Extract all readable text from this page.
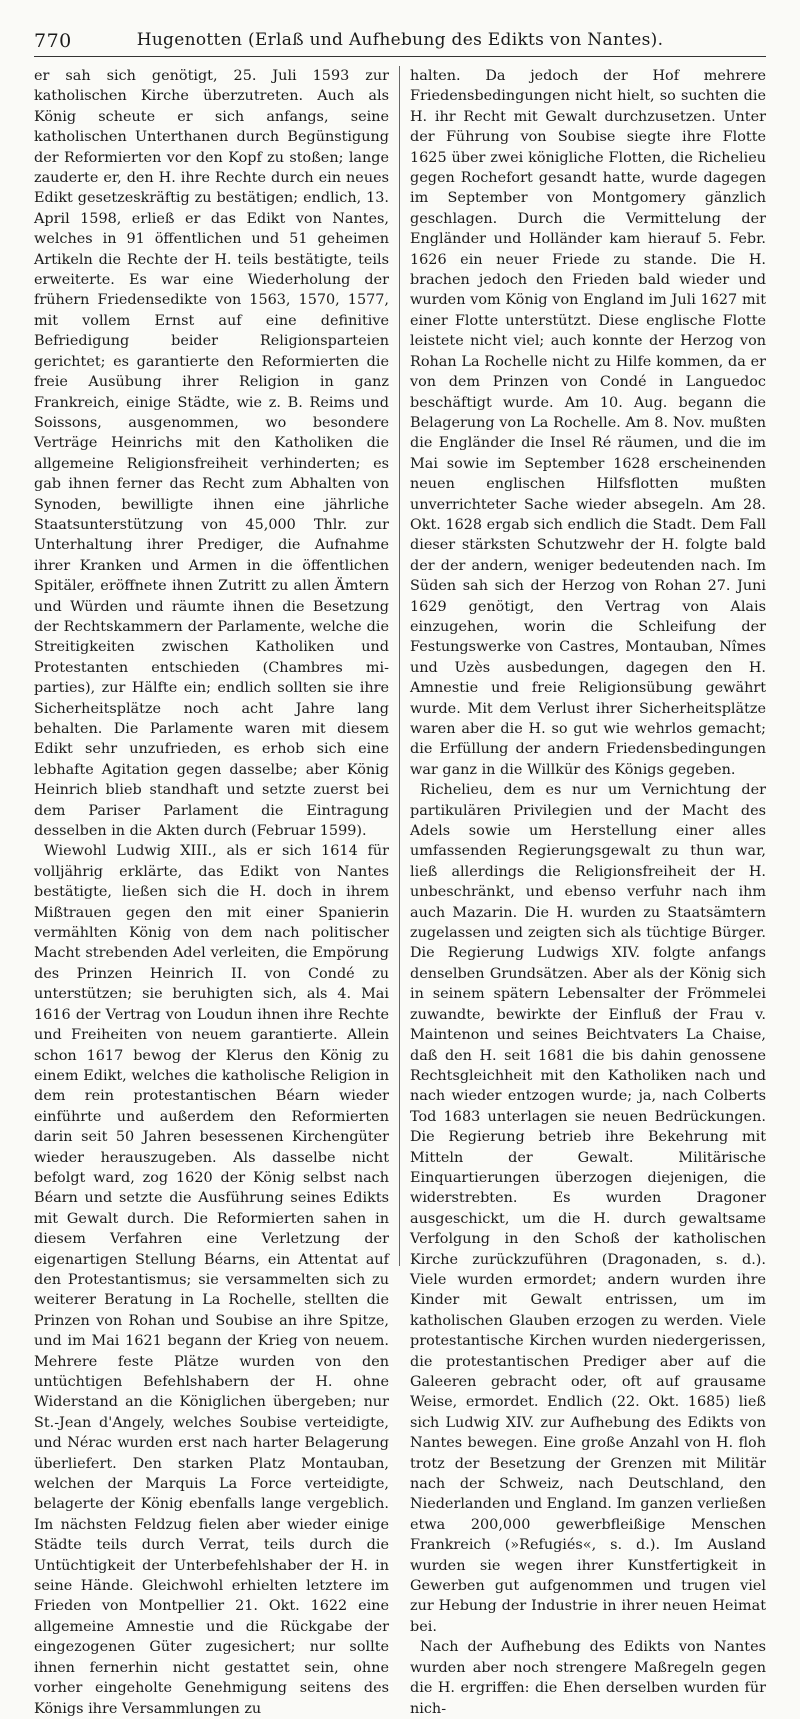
770	Hugenotten (Erlaß und Aufhebung des Edikts von Nantes).

er sah sich genötigt, 25. Juli 1593 zur katholischen Kirche überzutreten. Auch als König scheute er sich anfangs, seine katholischen Unterthanen durch Begünstigung der Reformierten vor den Kopf zu stoßen; lange zauderte er, den H. ihre Rechte durch ein neues Edikt gesetzeskräftig zu bestätigen; endlich, 13. April 1598, erließ er das Edikt von Nantes, welches in 91 öffentlichen und 51 geheimen Artikeln die Rechte der H. teils bestätigte, teils erweiterte. Es war eine Wiederholung der frühern Friedensedikte von 1563, 1570, 1577, mit vollem Ernst auf eine definitive Befriedigung beider Religionsparteien gerichtet; es garantierte den Reformierten die freie Ausübung ihrer Religion in ganz Frankreich, einige Städte, wie z. B. Reims und Soissons, ausgenommen, wo besondere Verträge Heinrichs mit den Katholiken die allgemeine Religionsfreiheit verhinderten; es gab ihnen ferner das Recht zum Abhalten von Synoden, bewilligte ihnen eine jährliche Staatsunterstützung von 45,000 Thlr. zur Unterhaltung ihrer Prediger, die Aufnahme ihrer Kranken und Armen in die öffentlichen Spitäler, eröffnete ihnen Zutritt zu allen Ämtern und Würden und räumte ihnen die Besetzung der Rechtskammern der Parlamente, welche die Streitigkeiten zwischen Katholiken und Protestanten entschieden (Chambres mi-parties), zur Hälfte ein; endlich sollten sie ihre Sicherheitsplätze noch acht Jahre lang behalten. Die Parlamente waren mit diesem Edikt sehr unzufrieden, es erhob sich eine lebhafte Agitation gegen dasselbe; aber König Heinrich blieb standhaft und setzte zuerst bei dem Pariser Parlament die Eintragung desselben in die Akten durch (Februar 1599).

Wiewohl Ludwig XIII., als er sich 1614 für volljährig erklärte, das Edikt von Nantes bestätigte, ließen sich die H. doch in ihrem Mißtrauen gegen den mit einer Spanierin vermählten König von dem nach politischer Macht strebenden Adel verleiten, die Empörung des Prinzen Heinrich II. von Condé zu unterstützen; sie beruhigten sich, als 4. Mai 1616 der Vertrag von Loudun ihnen ihre Rechte und Freiheiten von neuem garantierte. Allein schon 1617 bewog der Klerus den König zu einem Edikt, welches die katholische Religion in dem rein protestantischen Béarn wieder einführte und außerdem den Reformierten darin seit 50 Jahren besessenen Kirchengüter wieder herauszugeben. Als dasselbe nicht befolgt ward, zog 1620 der König selbst nach Béarn und setzte die Ausführung seines Edikts mit Gewalt durch. Die Reformierten sahen in diesem Verfahren eine Verletzung der eigenartigen Stellung Béarns, ein Attentat auf den Protestantismus; sie versammelten sich zu weiterer Beratung in La Rochelle, stellten die Prinzen von Rohan und Soubise an ihre Spitze, und im Mai 1621 begann der Krieg von neuem. Mehrere feste Plätze wurden von den untüchtigen Befehlshabern der H. ohne Widerstand an die Königlichen übergeben; nur St.-Jean d'Angely, welches Soubise verteidigte, und Nérac wurden erst nach harter Belagerung überliefert. Den starken Platz Montauban, welchen der Marquis La Force verteidigte, belagerte der König ebenfalls lange vergeblich. Im nächsten Feldzug fielen aber wieder einige Städte teils durch Verrat, teils durch die Untüchtigkeit der Unterbefehlshaber der H. in seine Hände. Gleichwohl erhielten letztere im Frieden von Montpellier 21. Okt. 1622 eine allgemeine Amnestie und die Rückgabe der eingezogenen Güter zugesichert; nur sollte ihnen fernerhin nicht gestattet sein, ohne vorher eingeholte Genehmigung seitens des Königs ihre Versammlungen zu

halten. Da jedoch der Hof mehrere Friedensbedingungen nicht hielt, so suchten die H. ihr Recht mit Gewalt durchzusetzen. Unter der Führung von Soubise siegte ihre Flotte 1625 über zwei königliche Flotten, die Richelieu gegen Rochefort gesandt hatte, wurde dagegen im September von Montgomery gänzlich geschlagen. Durch die Vermittelung der Engländer und Holländer kam hierauf 5. Febr. 1626 ein neuer Friede zu stande. Die H. brachen jedoch den Frieden bald wieder und wurden vom König von England im Juli 1627 mit einer Flotte unterstützt. Diese englische Flotte leistete nicht viel; auch konnte der Herzog von Rohan La Rochelle nicht zu Hilfe kommen, da er von dem Prinzen von Condé in Languedoc beschäftigt wurde. Am 10. Aug. begann die Belagerung von La Rochelle. Am 8. Nov. mußten die Engländer die Insel Ré räumen, und die im Mai sowie im September 1628 erscheinenden neuen englischen Hilfsflotten mußten unverrichteter Sache wieder absegeln. Am 28. Okt. 1628 ergab sich endlich die Stadt. Dem Fall dieser stärksten Schutzwehr der H. folgte bald der der andern, weniger bedeutenden nach. Im Süden sah sich der Herzog von Rohan 27. Juni 1629 genötigt, den Vertrag von Alais einzugehen, worin die Schleifung der Festungswerke von Castres, Montauban, Nîmes und Uzès ausbedungen, dagegen den H. Amnestie und freie Religionsübung gewährt wurde. Mit dem Verlust ihrer Sicherheitsplätze waren aber die H. so gut wie wehrlos gemacht; die Erfüllung der andern Friedensbedingungen war ganz in die Willkür des Königs gegeben.

Richelieu, dem es nur um Vernichtung der partikulären Privilegien und der Macht des Adels sowie um Herstellung einer alles umfassenden Regierungsgewalt zu thun war, ließ allerdings die Religionsfreiheit der H. unbeschränkt, und ebenso verfuhr nach ihm auch Mazarin. Die H. wurden zu Staatsämtern zugelassen und zeigten sich als tüchtige Bürger. Die Regierung Ludwigs XIV. folgte anfangs denselben Grundsätzen. Aber als der König sich in seinem spätern Lebensalter der Frömmelei zuwandte, bewirkte der Einfluß der Frau v. Maintenon und seines Beichtvaters La Chaise, daß den H. seit 1681 die bis dahin genossene Rechtsgleichheit mit den Katholiken nach und nach wieder entzogen wurde; ja, nach Colberts Tod 1683 unterlagen sie neuen Bedrückungen. Die Regierung betrieb ihre Bekehrung mit Mitteln der Gewalt. Militärische Einquartierungen überzogen diejenigen, die widerstrebten. Es wurden Dragoner ausgeschickt, um die H. durch gewaltsame Verfolgung in den Schoß der katholischen Kirche zurückzuführen (Dragonaden, s. d.). Viele wurden ermordet; andern wurden ihre Kinder mit Gewalt entrissen, um im katholischen Glauben erzogen zu werden. Viele protestantische Kirchen wurden niedergerissen, die protestantischen Prediger aber auf die Galeeren gebracht oder, oft auf grausame Weise, ermordet. Endlich (22. Okt. 1685) ließ sich Ludwig XIV. zur Aufhebung des Edikts von Nantes bewegen. Eine große Anzahl von H. floh trotz der Besetzung der Grenzen mit Militär nach der Schweiz, nach Deutschland, den Niederlanden und England. Im ganzen verließen etwa 200,000 gewerbfleißige Menschen Frankreich (»Refugiés«, s. d.). Im Ausland wurden sie wegen ihrer Kunstfertigkeit in Gewerben gut aufgenommen und trugen viel zur Hebung der Industrie in ihrer neuen Heimat bei.

Nach der Aufhebung des Edikts von Nantes wurden aber noch strengere Maßregeln gegen die H. ergriffen: die Ehen derselben wurden für nich-
